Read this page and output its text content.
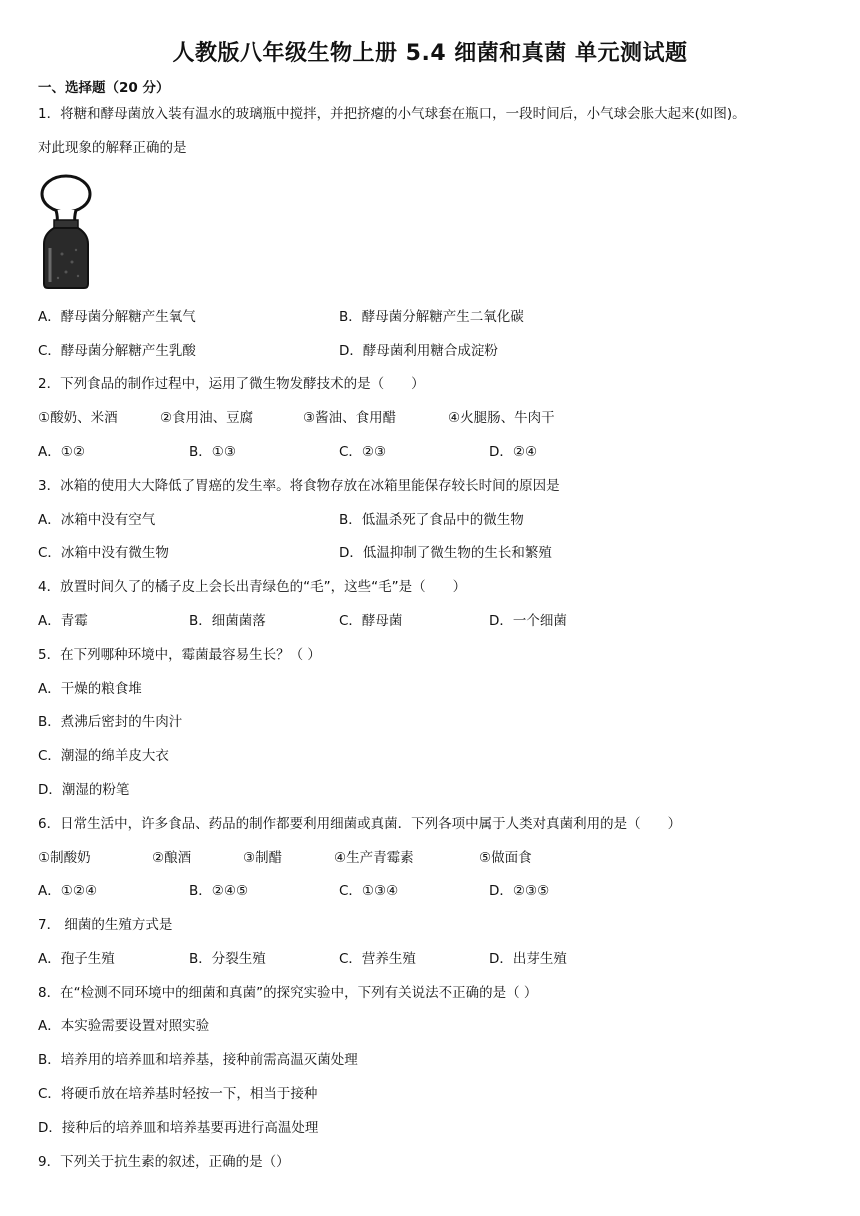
人教版八年级生物上册 5.4 细菌和真菌 单元测试题
一、选择题（20 分）
1．将糖和酵母菌放入装有温水的玻璃瓶中搅拌，并把挤瘪的小气球套在瓶口，一段时间后，小气球会胀大起来(如图)。
对此现象的解释正确的是
A．酵母菌分解糖产生氧气	B．酵母菌分解糖产生二氧化碳
C．酵母菌分解糖产生乳酸	D．酵母菌利用糖合成淀粉
2．下列食品的制作过程中，运用了微生物发酵技术的是（　　）
①酸奶、米酒	②食用油、豆腐	③酱油、食用醋	④火腿肠、牛肉干
A．①②	B．①③	C．②③	D．②④
3．冰箱的使用大大降低了胃癌的发生率。将食物存放在冰箱里能保存较长时间的原因是
A．冰箱中没有空气	B．低温杀死了食品中的微生物
C．冰箱中没有微生物	D．低温抑制了微生物的生长和繁殖
4．放置时间久了的橘子皮上会长出青绿色的“毛”，这些“毛”是（　　）
A．青霉	B．细菌菌落	C．酵母菌	D．一个细菌
5．在下列哪种环境中，霉菌最容易生长？（ ）
A．干燥的粮食堆
B．煮沸后密封的牛肉汁
C．潮湿的绵羊皮大衣
D．潮湿的粉笔
6．日常生活中，许多食品、药品的制作都要利用细菌或真菌．下列各项中属于人类对真菌利用的是（　　）
①制酸奶	②酿酒	③制醋	④生产青霉素	⑤做面食
A．①②④	B．②④⑤	C．①③④	D．②③⑤
7． 细菌的生殖方式是
A．孢子生殖	B．分裂生殖	C．营养生殖	D．出芽生殖
8．在“检测不同环境中的细菌和真菌”的探究实验中，下列有关说法不正确的是（ ）
A．本实验需要设置对照实验
B．培养用的培养皿和培养基，接种前需高温灭菌处理
C．将硬币放在培养基时轻按一下，相当于接种
D．接种后的培养皿和培养基要再进行高温处理
9．下列关于抗生素的叙述，正确的是（）
